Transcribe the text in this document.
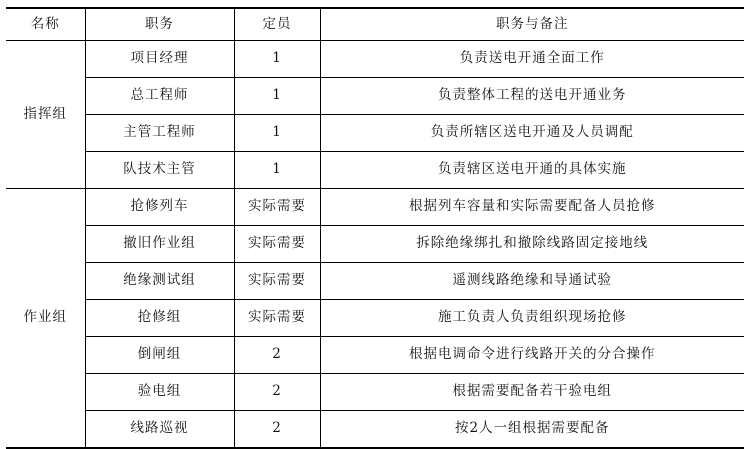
名称	职务	定员	职务与备注
指挥组	项目经理	1	负责送电开通全面工作
	总工程师	1	负责整体工程的送电开通业务
	主管工程师	1	负责所辖区送电开通及人员调配
	队技术主管	1	负责辖区送电开通的具体实施
作业组	抢修列车	实际需要	根据列车容量和实际需要配备人员抢修
	撤旧作业组	实际需要	拆除绝缘绑扎和撤除线路固定接地线
	绝缘测试组	实际需要	遥测线路绝缘和导通试验
	抢修组	实际需要	施工负责人负责组织现场抢修
	倒闸组	2	根据电调命令进行线路开关的分合操作
	验电组	2	根据需要配备若干验电组
	线路巡视	2	按2人一组根据需要配备
